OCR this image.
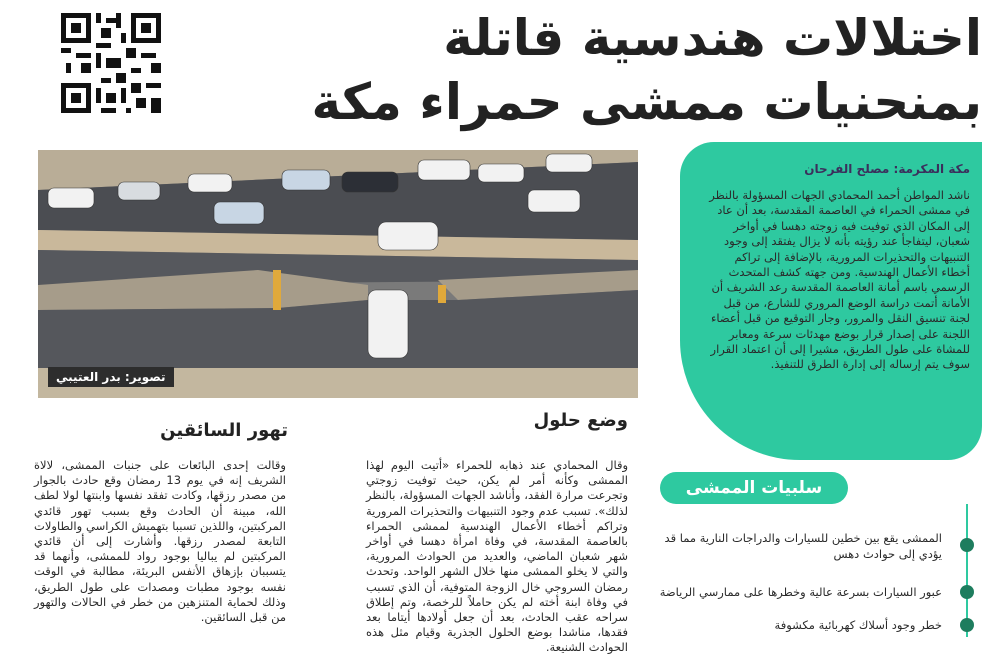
اختلالات هندسية قاتلة
بمنحنيات ممشى حمراء مكة
تصوير: بدر العتيبي
مكة المكرمة: مصلح الفرحان
ناشد المواطن أحمد المحمادي الجهات المسؤولة بالنظر في ممشى الحمراء في العاصمة المقدسة، بعد أن عاد إلى المكان الذي توفيت فيه زوجته دهسا في أواخر شعبان، ليتفاجأ عند رؤيته بأنه لا يزال يفتقد إلى وجود التنبيهات والتحذيرات المرورية، بالإضافة إلى تراكم أخطاء الأعمال الهندسية. ومن جهته كشف المتحدث الرسمي باسم أمانة العاصمة المقدسة رعد الشريف أن الأمانة أتمت دراسة الوضع المروري للشارع، من قبل لجنة تنسيق النقل والمرور، وجار التوقيع من قبل أعضاء اللجنة على إصدار قرار بوضع مهدئات سرعة ومعابر للمشاة على طول الطريق، مشيرا إلى أن اعتماد القرار سوف يتم إرساله إلى إدارة الطرق للتنفيذ.
وضع حلول
وقال المحمادي عند ذهابه للحمراء «أتيت اليوم لهذا الممشى وكأنه أمر لم يكن، حيث توفيت زوجتي وتجرعت مرارة الفقد، وأناشد الجهات المسؤولة، بالنظر لذلك». تسبب عدم وجود التنبيهات والتحذيرات المرورية وتراكم أخطاء الأعمال الهندسية لممشى الحمراء بالعاصمة المقدسة، في وفاة امرأة دهسا في أواخر شهر شعبان الماضي، والعديد من الحوادث المرورية، والتي لا يخلو الممشى منها خلال الشهر الواحد. وتحدث رمضان السروجي خال الزوجة المتوفية، أن الذي تسبب في وفاة ابنة أخته لم يكن حاملاً للرخصة، وتم إطلاق سراحه عقب الحادث، بعد أن جعل أولادها أيتاما بعد فقدها، مناشدا بوضع الحلول الجذرية وقيام مثل هذه الحوادث الشنيعة.
تهور السائقين
وقالت إحدى البائعات على جنبات الممشى، لالاة الشريف إنه في يوم 13 رمضان وقع حادث بالجوار من مصدر رزقها، وكادت تفقد نفسها وابنتها لولا لطف الله، مبينة أن الحادث وقع بسبب تهور قائدي المركبتين، واللذين تسببا بتهميش الكراسي والطاولات التابعة لمصدر رزقها. وأشارت إلى أن قائدي المركبتين لم يباليا بوجود رواد للممشى، وأنهما قد يتسببان بإزهاق الأنفس البريئة، مطالبة في الوقت نفسه بوجود مطبات ومصدات على طول الطريق، وذلك لحماية المتنزهين من خطر في الحالات والتهور من قبل السائقين.
سلبيات الممشى
الممشى يقع بين خطين للسيارات والدراجات النارية مما قد يؤدي إلى حوادث دهس
عبور السيارات بسرعة عالية وخطرها على ممارسي الرياضة
خطر وجود أسلاك كهربائية مكشوفة
